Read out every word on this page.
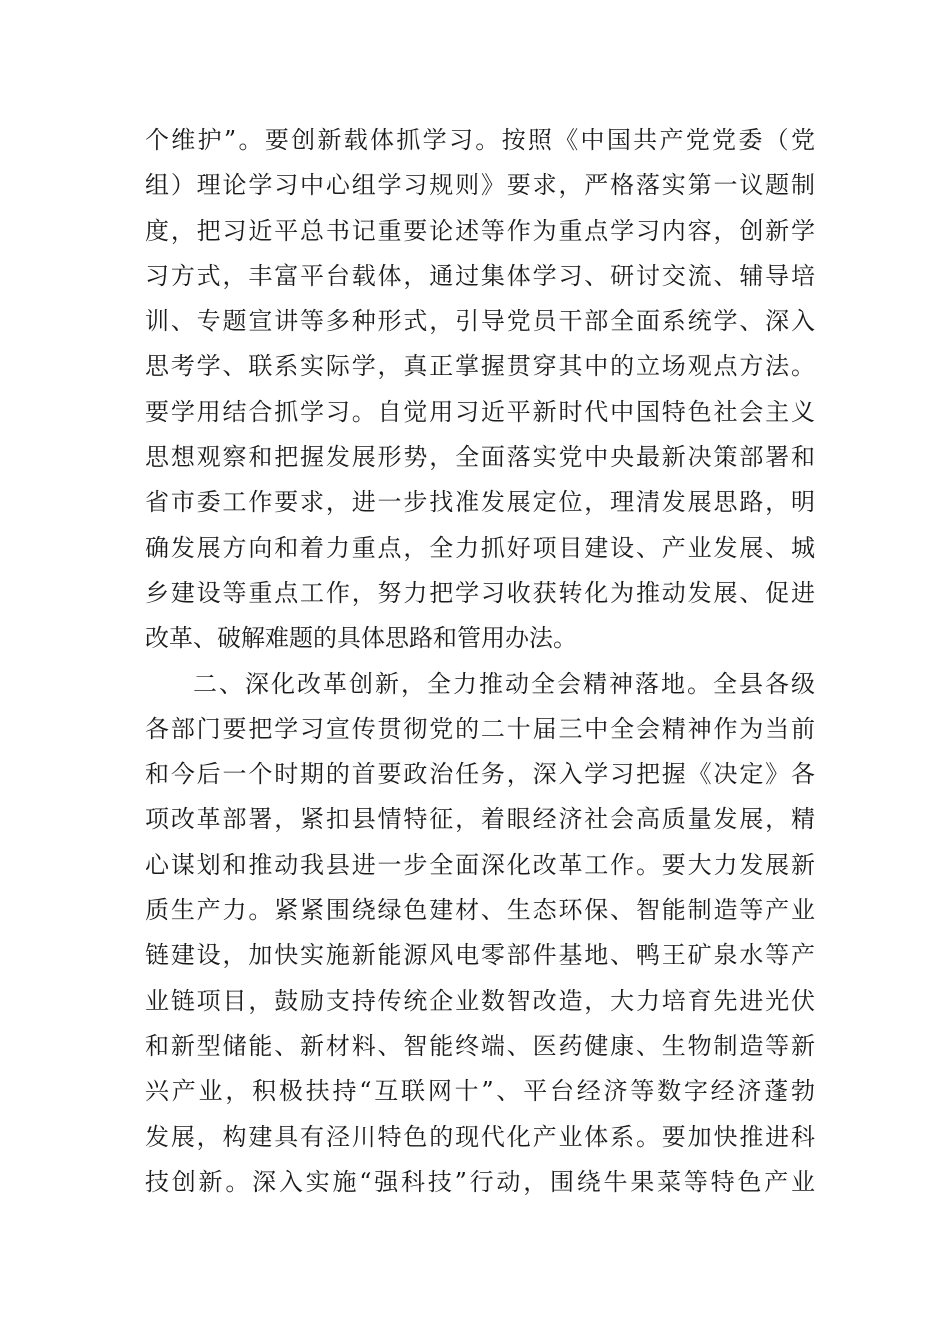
个维护”。要创新载体抓学习。按照《中国共产党党委（党
组）理论学习中心组学习规则》要求，严格落实第一议题制
度，把习近平总书记重要论述等作为重点学习内容，创新学
习方式，丰富平台载体，通过集体学习、研讨交流、辅导培
训、专题宣讲等多种形式，引导党员干部全面系统学、深入
思考学、联系实际学，真正掌握贯穿其中的立场观点方法。
要学用结合抓学习。自觉用习近平新时代中国特色社会主义
思想观察和把握发展形势，全面落实党中央最新决策部署和
省市委工作要求，进一步找准发展定位，理清发展思路，明
确发展方向和着力重点，全力抓好项目建设、产业发展、城
乡建设等重点工作，努力把学习收获转化为推动发展、促进
改革、破解难题的具体思路和管用办法。
二、深化改革创新，全力推动全会精神落地。全县各级
各部门要把学习宣传贯彻党的二十届三中全会精神作为当前
和今后一个时期的首要政治任务，深入学习把握《决定》各
项改革部署，紧扣县情特征，着眼经济社会高质量发展，精
心谋划和推动我县进一步全面深化改革工作。要大力发展新
质生产力。紧紧围绕绿色建材、生态环保、智能制造等产业
链建设，加快实施新能源风电零部件基地、鸭王矿泉水等产
业链项目，鼓励支持传统企业数智改造，大力培育先进光伏
和新型储能、新材料、智能终端、医药健康、生物制造等新
兴产业，积极扶持“互联网十”、平台经济等数字经济蓬勃
发展，构建具有泾川特色的现代化产业体系。要加快推进科
技创新。深入实施“强科技”行动，围绕牛果菜等特色产业
